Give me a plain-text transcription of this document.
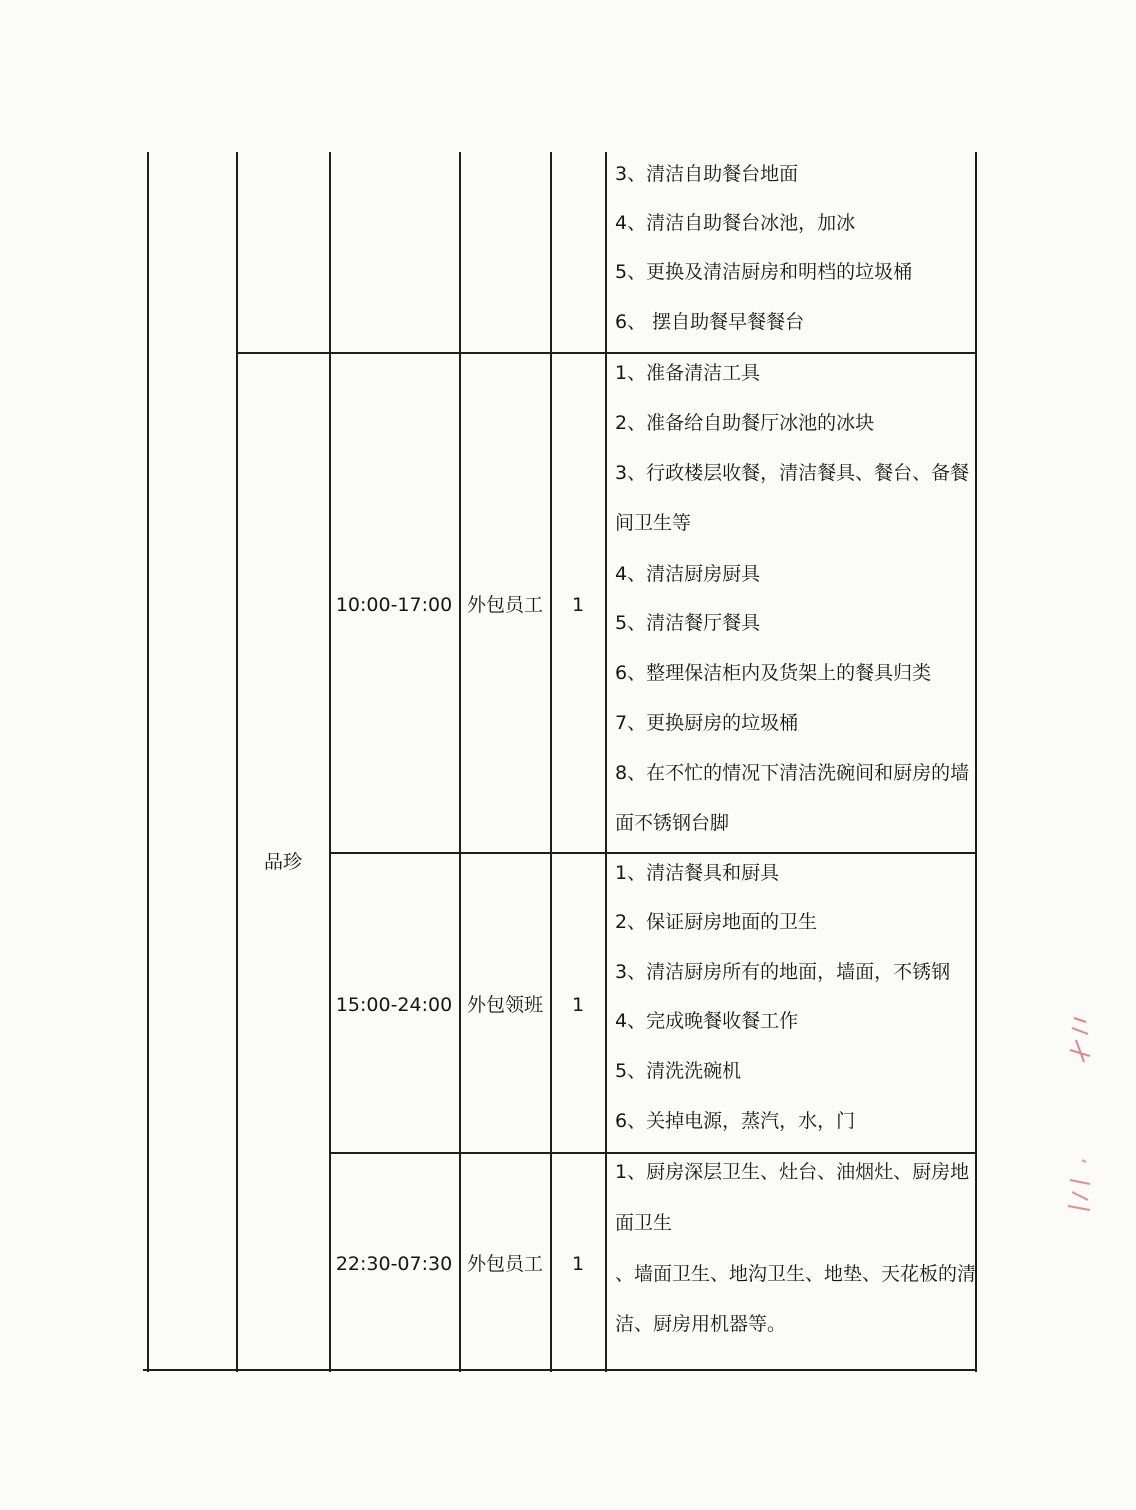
3、清洁自助餐台地面
4、清洁自助餐台冰池，加冰
5、更换及清洁厨房和明档的垃圾桶
6、 摆自助餐早餐餐台
品珍
10:00-17:00 外包员工 1
1、准备清洁工具
2、准备给自助餐厅冰池的冰块
3、行政楼层收餐，清洁餐具、餐台、备餐
间卫生等
4、清洁厨房厨具
5、清洁餐厅餐具
6、整理保洁柜内及货架上的餐具归类
7、更换厨房的垃圾桶
8、在不忙的情况下清洁洗碗间和厨房的墙
面不锈钢台脚
15:00-24:00 外包领班 1
1、清洁餐具和厨具
2、保证厨房地面的卫生
3、清洁厨房所有的地面，墙面，不锈钢
4、完成晚餐收餐工作
5、清洗洗碗机
6、关掉电源，蒸汽，水，门
22:30-07:30 外包员工 1
1、厨房深层卫生、灶台、油烟灶、厨房地
面卫生
、墙面卫生、地沟卫生、地垫、天花板的清
洁、厨房用机器等。
